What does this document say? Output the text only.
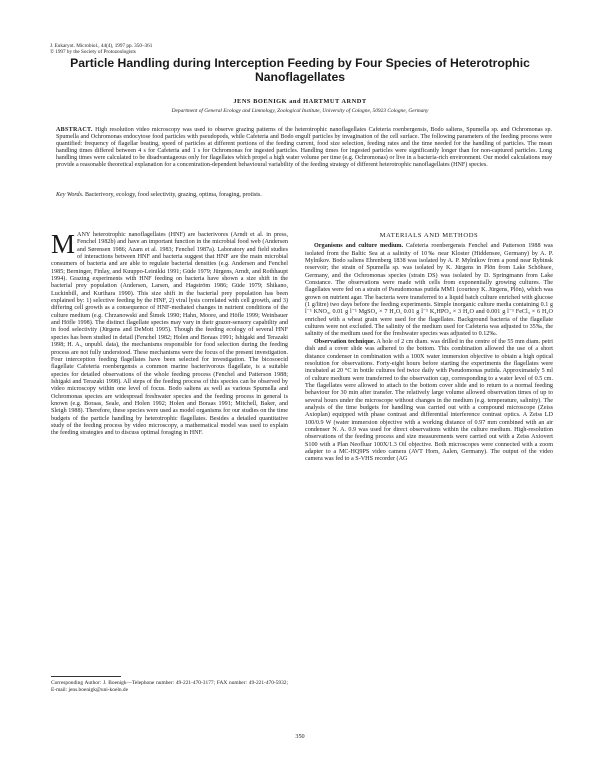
J. Eukaryot. Microbiol., 44(4), 1997 pp. 350–361
© 1997 by the Society of Protozoologists
Particle Handling during Interception Feeding by Four Species of Heterotrophic Nanoflagellates
JENS BOENIGK and HARTMUT ARNDT
Department of General Ecology and Limnology, Zoological Institute, University of Cologne, 50923 Cologne, Germany

ABSTRACT. High resolution video microscopy was used to observe grazing patterns of the heterotrophic nanoflagellates Cafeteria roenbergensis, Bodo saliens, Spumella sp. and Ochromonas sp. Spumella and Ochromonas endocytose food particles with pseudopods, while Cafeteria and Bodo engulf particles by invagination of the cell surface. The following parameters of the feeding process were quantified: frequency of flagellar beating, speed of particles at different portions of the feeding current, food size selection, feeding rates and the time needed for the handling of particles. The mean handling times differed between 4 s for Cafeteria and 1 s for Ochromonas for ingested particles. Handling times for ingested particles were significantly longer than for non-captured particles. Long handling times were calculated to be disadvantageous only for flagellates which propel a high water volume per time (e.g. Ochromonas) or live in a bacteria-rich environment. Our model calculations may provide a reasonable theoretical explanation for a concentration-dependent behavioural variability of the feeding strategy of different heterotrophic nanoflagellates (HNF) species.

Key Words. Bacterivory, ecology, food selectivity, grazing, optima, foraging, protists.

M ANY heterotrophic nanoflagellates (HNF) are bacterivores (Arndt et al. in press, Fenchel 1982b) and have an important function in the microbial food web (Andersen and Sørensen 1986; Azam et al. 1983; Fenchel 1987a). Laboratory and field studies of interactions between HNF and bacteria suggest that HNF are the main microbial consumers of bacteria and are able to regulate bacterial densities (e.g. Andersen and Fenchel 1985; Berninger, Finlay, and Kuuppo-Leinikki 1991; Güde 1979; Jürgens, Arndt, and Rothhaupt 1994). Grazing experiments with HNF feeding on bacteria have shown a size shift in the bacterial prey population (Andersen, Larsen, and Hagström 1986; Güde 1979; Shikano, Luckinbill, and Kurihara 1990). This size shift in the bacterial prey population has been explained by: 1) selective feeding by the HNF, 2) viral lysis correlated with cell growth, and 3) differing cell growth as a consequence of HNF-mediated changes in nutrient conditions of the culture medium (e.g. Chrzanowski and Šimek 1990; Hahn, Moore, and Höfle 1999; Weinbauer and Höfle 1998). The distinct flagellate species may vary in their grazer-sensory capability and in food selectivity (Jürgens and DeMott 1995). Though the feeding ecology of several HNF species has been studied in detail (Fenchel 1982; Holen and Boraas 1991; Ishigaki and Terazaki 1998; H. A., unpubl. data), the mechanisms responsible for food selection during the feeding process are not fully understood. These mechanisms were the focus of the present investigation. Four interception feeding flagellates have been selected for investigation. The bicosoecid flagellate Cafeteria roenbergensis a common marine bacterivorous flagellate, is a suitable species for detailed observations of the whole feeding process (Fenchel and Patterson 1988; Ishigaki and Terazaki 1998). All steps of the feeding process of this species can be observed by video microscopy within one level of focus. Bodo saliens as well as various Spumella and Ochromonas species are widespread freshwater species and the feeding process in general is known (e.g. Boraas, Seale, and Holen 1992; Holen and Boraas 1991; Mitchell, Baker, and Sleigh 1988). Therefore, these species were used as model organisms for our studies on the time budgets of the particle handling by heterotrophic flagellates. Besides a detailed quantitative study of the feeding process by video microscopy, a mathematical model was used to explain the feeding strategies and to discuss optimal foraging in HNF.

Corresponding Author: J. Boenigk—Telephone number: 49-221-470-3177; FAX number: 49-221-470-5932; E-mail: jens.boenigk@uni-koeln.de

MATERIALS AND METHODS

Organisms and culture medium. Cafeteria roenbergensis Fenchel and Patterson 1988 was isolated from the Baltic Sea at a salinity of 10‰ near Kloster (Hiddensee, Germany) by A. P. Mylnikov. Bodo saliens Ehrenberg 1838 was isolated by A. P. Mylnikov from a pond near Rybinsk reservoir; the strain of Spumella sp. was isolated by K. Jürgens in Plön from Lake Schöhsee, Germany, and the Ochromonas species (strain DS) was isolated by D. Springmann from Lake Constance. The observations were made with cells from exponentially growing cultures. The flagellates were fed on a strain of Pseudomonas putida MM1 (courtesy K. Jürgens, Plön), which was grown on nutrient agar. The bacteria were transferred to a liquid batch culture enriched with glucose (1 g/litre) two days before the feeding experiments. Simple inorganic culture media containing 0.1 g l⁻¹ KNO₃, 0.01 g l⁻¹ MgSO₄ × 7 H₂O, 0.01 g l⁻¹ K₂HPO₄ × 3 H₂O and 0.001 g l⁻¹ FeCl₃ × 6 H₂O enriched with a wheat grain were used for the flagellates. Background bacteria of the flagellate cultures were not excluded. The salinity of the medium used for Cafeteria was adjusted to 35‰, the salinity of the medium used for the freshwater species was adjusted to 0.12‰.

Observation technique. A hole of 2 cm diam. was drilled in the centre of the 55 mm diam. petri dish and a cover slide was adhered to the bottom. This combination allowed the use of a short distance condenser in combination with a 100X water immersion objective to obtain a high optical resolution for observations. Forty-eight hours before starting the experiments the flagellates were incubated at 20 °C in bottle cultures fed twice daily with Pseudomonas putida. Approximately 5 ml of culture medium were transferred to the observation cap, corresponding to a water level of 0.5 cm. The flagellates were allowed to attach to the bottom cover slide and to return to a normal feeding behaviour for 30 min after transfer. The relatively large volume allowed observation times of up to several hours under the microscope without changes in the medium (e.g. temperature, salinity). The analysis of the time budgets for handling was carried out with a compound microscope (Zeiss Axioplan) equipped with phase contrast and differential interference contrast optics. A Zeiss LD 100/0.9 W (water immersion objective with a working distance of 0.97 mm combined with an air condenser N. A. 0.9 was used for direct observations within the culture medium. High-resolution observations of the feeding process and size measurements were carried out with a Zeiss Axiovert S100 with a Plan Neofluar 100X/1.3 Oil objective. Both microscopes were connected with a zoom adapter to a MC-HQ9PS video camera (AVT Horn, Aalen, Germany). The output of the video camera was fed to a S-VHS recorder (AG

350
